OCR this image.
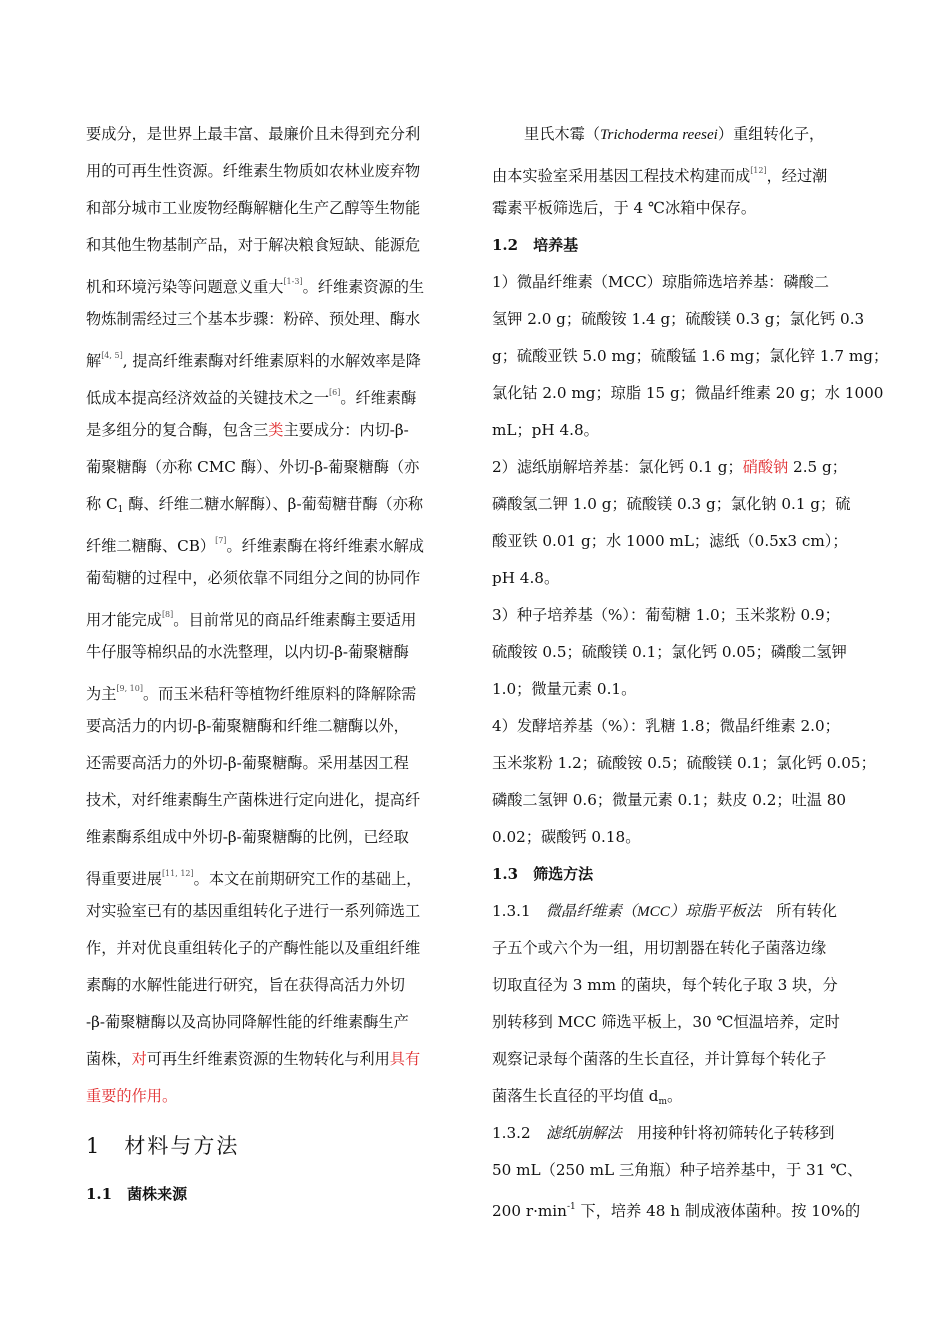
要成分，是世界上最丰富、最廉价且未得到充分利
用的可再生性资源。纤维素生物质如农林业废弃物
和部分城市工业废物经酶解糖化生产乙醇等生物能
和其他生物基制产品，对于解决粮食短缺、能源危
机和环境污染等问题意义重大[1-3]。纤维素资源的生
物炼制需经过三个基本步骤：粉碎、预处理、酶水
解[4, 5], 提高纤维素酶对纤维素原料的水解效率是降
低成本提高经济效益的关键技术之一[6]。纤维素酶
是多组分的复合酶，包含三类主要成分：内切-β-
葡聚糖酶（亦称 CMC 酶）、外切-β-葡聚糖酶（亦
称 $C_1$ 酶、纤维二糖水解酶）、β-葡萄糖苷酶（亦称
纤维二糖酶、CB）[7]。纤维素酶在将纤维素水解成
葡萄糖的过程中，必须依靠不同组分之间的协同作
用才能完成[8]。目前常见的商品纤维素酶主要适用
牛仔服等棉织品的水洗整理，以内切-β-葡聚糖酶
为主[9, 10]。而玉米秸秆等植物纤维原料的降解除需
要高活力的内切-β-葡聚糖酶和纤维二糖酶以外，
还需要高活力的外切-β-葡聚糖酶。采用基因工程
技术，对纤维素酶生产菌株进行定向进化，提高纤
维素酶系组成中外切-β-葡聚糖酶的比例，已经取
得重要进展[11, 12]。本文在前期研究工作的基础上，
对实验室已有的基因重组转化子进行一系列筛选工
作，并对优良重组转化子的产酶性能以及重组纤维
素酶的水解性能进行研究，旨在获得高活力外切
-β-葡聚糖酶以及高协同降解性能的纤维素酶生产
菌株，对可再生纤维素资源的生物转化与利用具有
重要的作用。
1　材料与方法
1.1　菌株来源
里氏木霉（Trichoderma reesei）重组转化子，
由本实验室采用基因工程技术构建而成[12]，经过潮
霉素平板筛选后，于 4 ℃冰箱中保存。
1.2　培养基
1）微晶纤维素（MCC）琼脂筛选培养基：磷酸二
氢钾 2.0 g；硫酸铵 1.4 g；硫酸镁 0.3 g；氯化钙 0.3
g；硫酸亚铁 5.0 mg；硫酸锰 1.6 mg；氯化锌 1.7 mg；
氯化钴 2.0 mg；琼脂 15 g；微晶纤维素 20 g；水 1000
mL；pH 4.8。
2）滤纸崩解培养基：氯化钙 0.1 g；硝酸钠 2.5 g；
磷酸氢二钾 1.0 g；硫酸镁 0.3 g；氯化钠 0.1 g；硫
酸亚铁 0.01 g；水 1000 mL；滤纸（0.5x3 cm）；
pH 4.8。
3）种子培养基（%）：葡萄糖 1.0；玉米浆粉 0.9；
硫酸铵 0.5；硫酸镁 0.1；氯化钙 0.05；磷酸二氢钾
1.0；微量元素 0.1。
4）发酵培养基（%）：乳糖 1.8；微晶纤维素 2.0；
玉米浆粉 1.2；硫酸铵 0.5；硫酸镁 0.1；氯化钙 0.05；
磷酸二氢钾 0.6；微量元素 0.1；麸皮 0.2；吐温 80
0.02；碳酸钙 0.18。
1.3　筛选方法
1.3.1　微晶纤维素（MCC）琼脂平板法　所有转化
子五个或六个为一组，用切割器在转化子菌落边缘
切取直径为 3 mm 的菌块，每个转化子取 3 块，分
别转移到 MCC 筛选平板上，30 ℃恒温培养，定时
观察记录每个菌落的生长直径，并计算每个转化子
菌落生长直径的平均值 $d_m$。
1.3.2　滤纸崩解法　用接种针将初筛转化子转移到
50 mL（250 mL 三角瓶）种子培养基中，于 31 ℃、
200 $r\cdot\min^{-1}$ 下，培养 48 h 制成液体菌种。按 10%的
